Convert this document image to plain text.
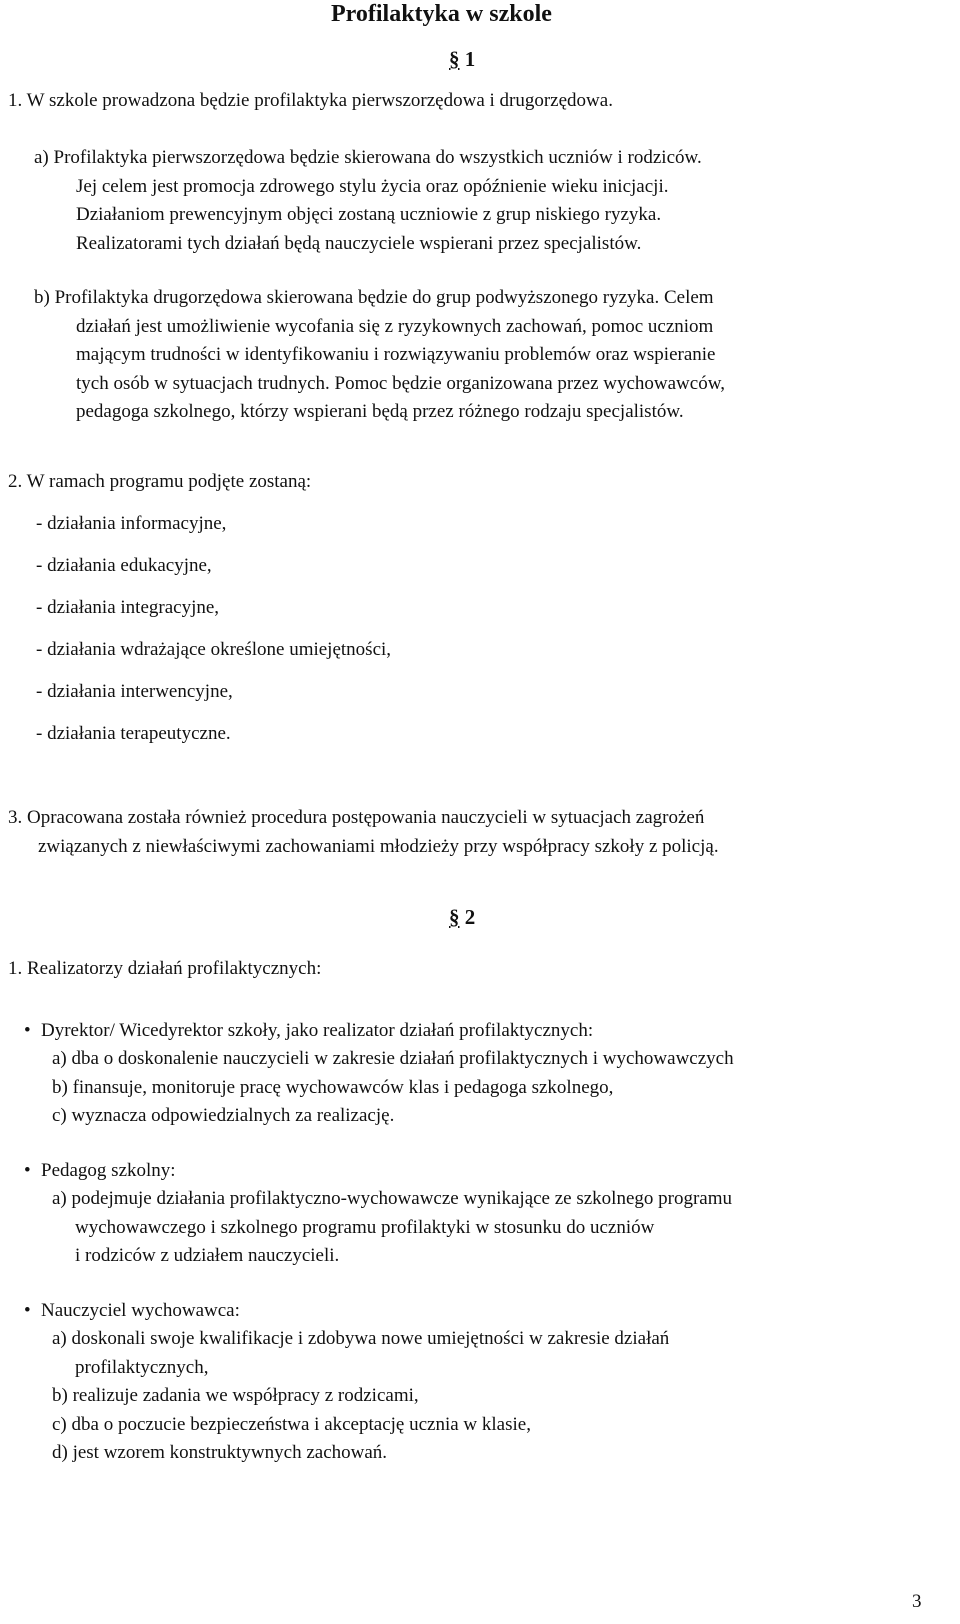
Profilaktyka w szkole
§ 1
1. W szkole prowadzona będzie profilaktyka pierwszorzędowa i drugorzędowa.
a) Profilaktyka pierwszorzędowa będzie skierowana do wszystkich uczniów i rodziców.
Jej celem jest promocja zdrowego stylu życia oraz opóźnienie wieku inicjacji.
Działaniom prewencyjnym objęci zostaną uczniowie z grup niskiego ryzyka.
Realizatorami tych działań będą nauczyciele wspierani przez specjalistów.
b) Profilaktyka drugorzędowa skierowana będzie do grup podwyższonego ryzyka. Celem
działań jest umożliwienie wycofania się z ryzykownych zachowań, pomoc uczniom
mającym trudności w identyfikowaniu i rozwiązywaniu problemów oraz wspieranie
tych osób w sytuacjach trudnych. Pomoc będzie organizowana przez wychowawców,
pedagoga szkolnego, którzy wspierani będą przez różnego rodzaju specjalistów.
2. W ramach programu podjęte zostaną:
- działania informacyjne,
- działania edukacyjne,
- działania integracyjne,
- działania wdrażające określone umiejętności,
- działania interwencyjne,
- działania terapeutyczne.
3. Opracowana została również procedura postępowania nauczycieli w sytuacjach zagrożeń
związanych z niewłaściwymi zachowaniami młodzieży przy współpracy szkoły z policją.
§ 2
1. Realizatorzy działań profilaktycznych:
• Dyrektor/ Wicedyrektor szkoły, jako realizator działań profilaktycznych:
a) dba o doskonalenie nauczycieli w zakresie działań profilaktycznych i wychowawczych
b) finansuje, monitoruje pracę wychowawców klas i pedagoga szkolnego,
c) wyznacza odpowiedzialnych za realizację.
• Pedagog szkolny:
a) podejmuje działania profilaktyczno-wychowawcze wynikające ze szkolnego programu
wychowawczego i szkolnego programu profilaktyki w stosunku do uczniów
i rodziców z udziałem nauczycieli.
• Nauczyciel wychowawca:
a) doskonali swoje kwalifikacje i zdobywa nowe umiejętności w zakresie działań
profilaktycznych,
b) realizuje zadania we współpracy z rodzicami,
c) dba o poczucie bezpieczeństwa i akceptację ucznia w klasie,
d) jest wzorem konstruktywnych zachowań.
3
